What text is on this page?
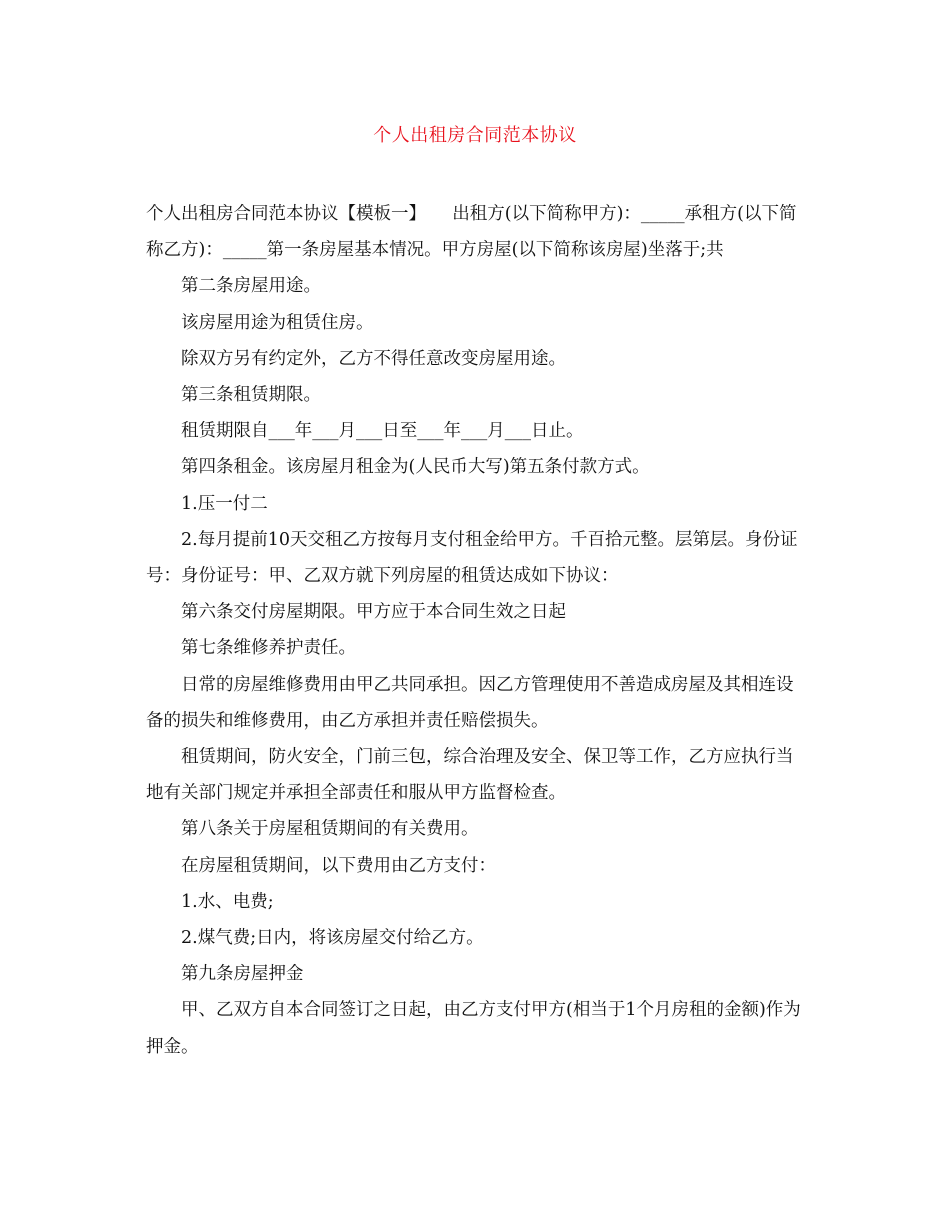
个人出租房合同范本协议

个人出租房合同范本协议【模板一】　　出租方(以下简称甲方)：_____承租方(以下简称乙方)：_____第一条房屋基本情况。甲方房屋(以下简称该房屋)坐落于;共

第二条房屋用途。

该房屋用途为租赁住房。

除双方另有约定外，乙方不得任意改变房屋用途。

第三条租赁期限。

租赁期限自___年___月___日至___年___月___日止。

第四条租金。该房屋月租金为(人民币大写)第五条付款方式。

1.压一付二

2.每月提前10天交租乙方按每月支付租金给甲方。千百拾元整。层第层。身份证号：身份证号：甲、乙双方就下列房屋的租赁达成如下协议：

第六条交付房屋期限。甲方应于本合同生效之日起

第七条维修养护责任。

日常的房屋维修费用由甲乙共同承担。因乙方管理使用不善造成房屋及其相连设备的损失和维修费用，由乙方承担并责任赔偿损失。

租赁期间，防火安全，门前三包，综合治理及安全、保卫等工作，乙方应执行当地有关部门规定并承担全部责任和服从甲方监督检查。

第八条关于房屋租赁期间的有关费用。

在房屋租赁期间，以下费用由乙方支付：

1.水、电费;

2.煤气费;日内，将该房屋交付给乙方。

第九条房屋押金

甲、乙双方自本合同签订之日起，由乙方支付甲方(相当于1个月房租的金额)作为押金。
